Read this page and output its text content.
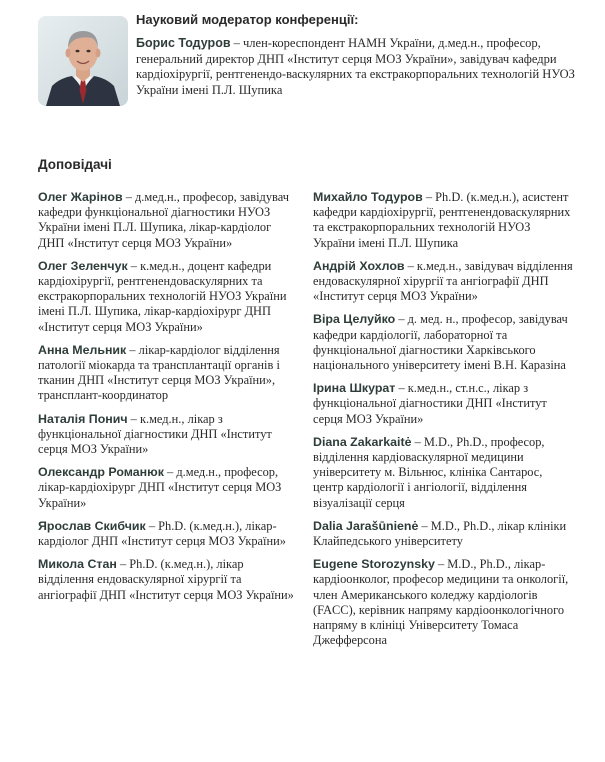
Науковий модератор конференції:

Борис Тодуров – член-кореспондент НАМН України, д.мед.н., професор, генеральний директор ДНП «Інститут серця МОЗ України», завідувач кафедри кардіохірургії, рентгенендо-васкулярних та екстракорпоральних технологій НУОЗ України імені П.Л. Шупика

Доповідачі

Олег Жарінов – д.мед.н., професор, завідувач кафедри функціональної діагностики НУОЗ України імені П.Л. Шупика, лікар-кардіолог ДНП «Інститут серця МОЗ України»

Олег Зеленчук – к.мед.н., доцент кафедри кардіохірургії, рентгенендоваскулярних та екстракорпоральних технологій НУОЗ України імені П.Л. Шупика, лікар-кардіохірург ДНП «Інститут серця МОЗ України»

Анна Мельник – лікар-кардіолог відділення патології міокарда та трансплантації органів і тканин ДНП «Інститут серця МОЗ України», трансплант-координатор

Наталія Понич – к.мед.н., лікар з функціональної діагностики ДНП «Інститут серця МОЗ України»

Олександр Романюк – д.мед.н., професор, лікар-кардіохірург ДНП «Інститут серця МОЗ України»

Ярослав Скибчик – Ph.D. (к.мед.н.), лікар-кардіолог ДНП «Інститут серця МОЗ України»

Микола Стан – Ph.D. (к.мед.н.), лікар відділення ендоваскулярної хірургії та ангіографії ДНП «Інститут серця МОЗ України»

Михайло Тодуров – Ph.D. (к.мед.н.), асистент кафедри кардіохірургії, рентгенендоваскулярних та екстракорпоральних технологій НУОЗ України імені П.Л. Шупика

Андрій Хохлов – к.мед.н., завідувач відділення ендоваскулярної хірургії та ангіографії ДНП «Інститут серця МОЗ України»

Віра Целуйко – д. мед. н., професор, завідувач кафедри кардіології, лабораторної та функціональної діагностики Харківського національного університету імені В.Н. Каразіна

Ірина Шкурат – к.мед.н., ст.н.с., лікар з функціональної діагностики ДНП «Інститут серця МОЗ України»

Diana Zakarkaitė – M.D., Ph.D., професор, відділення кардіоваскулярної медицини університету м. Вільнюс, клініка Сантарос, центр кардіології і ангіології, відділення візуалізації серця

Dalia Jarašūnienė – M.D., Ph.D., лікар клініки Клайпедського університету

Eugene Storozynsky – M.D., Ph.D., лікар-кардіоонколог, професор медицини та онкології, член Американського коледжу кардіологів (FACC), керівник напряму кардіоонкологічного напряму в клініці Університету Томаса Джефферсона
